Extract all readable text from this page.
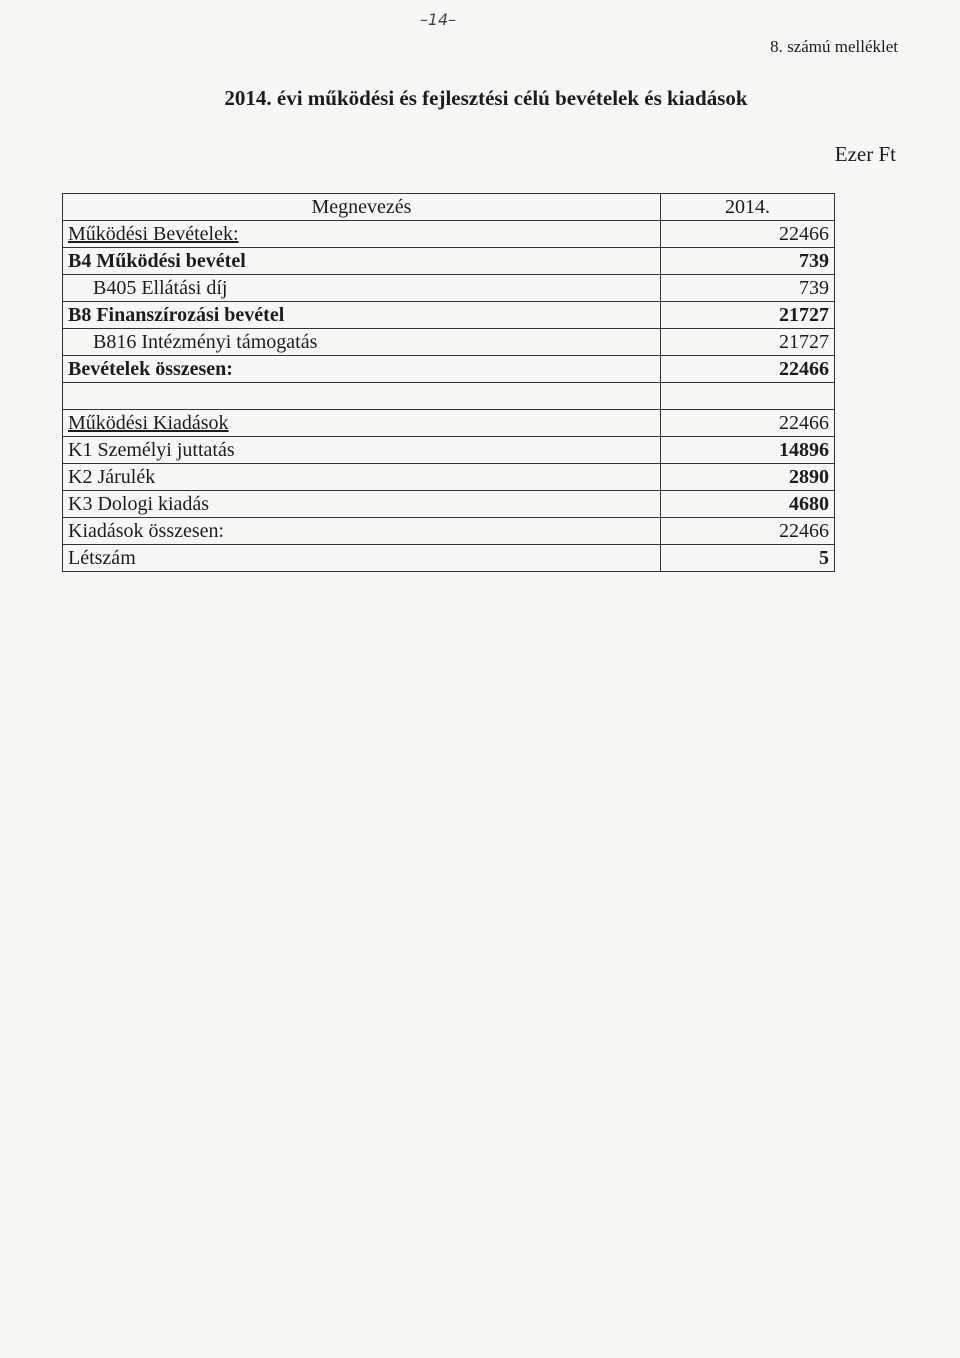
–14–
8. számú melléklet
2014. évi működési és fejlesztési célú bevételek és kiadások
Ezer Ft
Megnevezés	2014.
Működési Bevételek:	22466
B4 Működési bevétel	739
B405 Ellátási díj	739
B8 Finanszírozási bevétel	21727
B816 Intézményi támogatás	21727
Bevételek összesen:	22466

Működési Kiadások	22466
K1 Személyi juttatás	14896
K2 Járulék	2890
K3 Dologi kiadás	4680
Kiadások összesen:	22466
Létszám	5
